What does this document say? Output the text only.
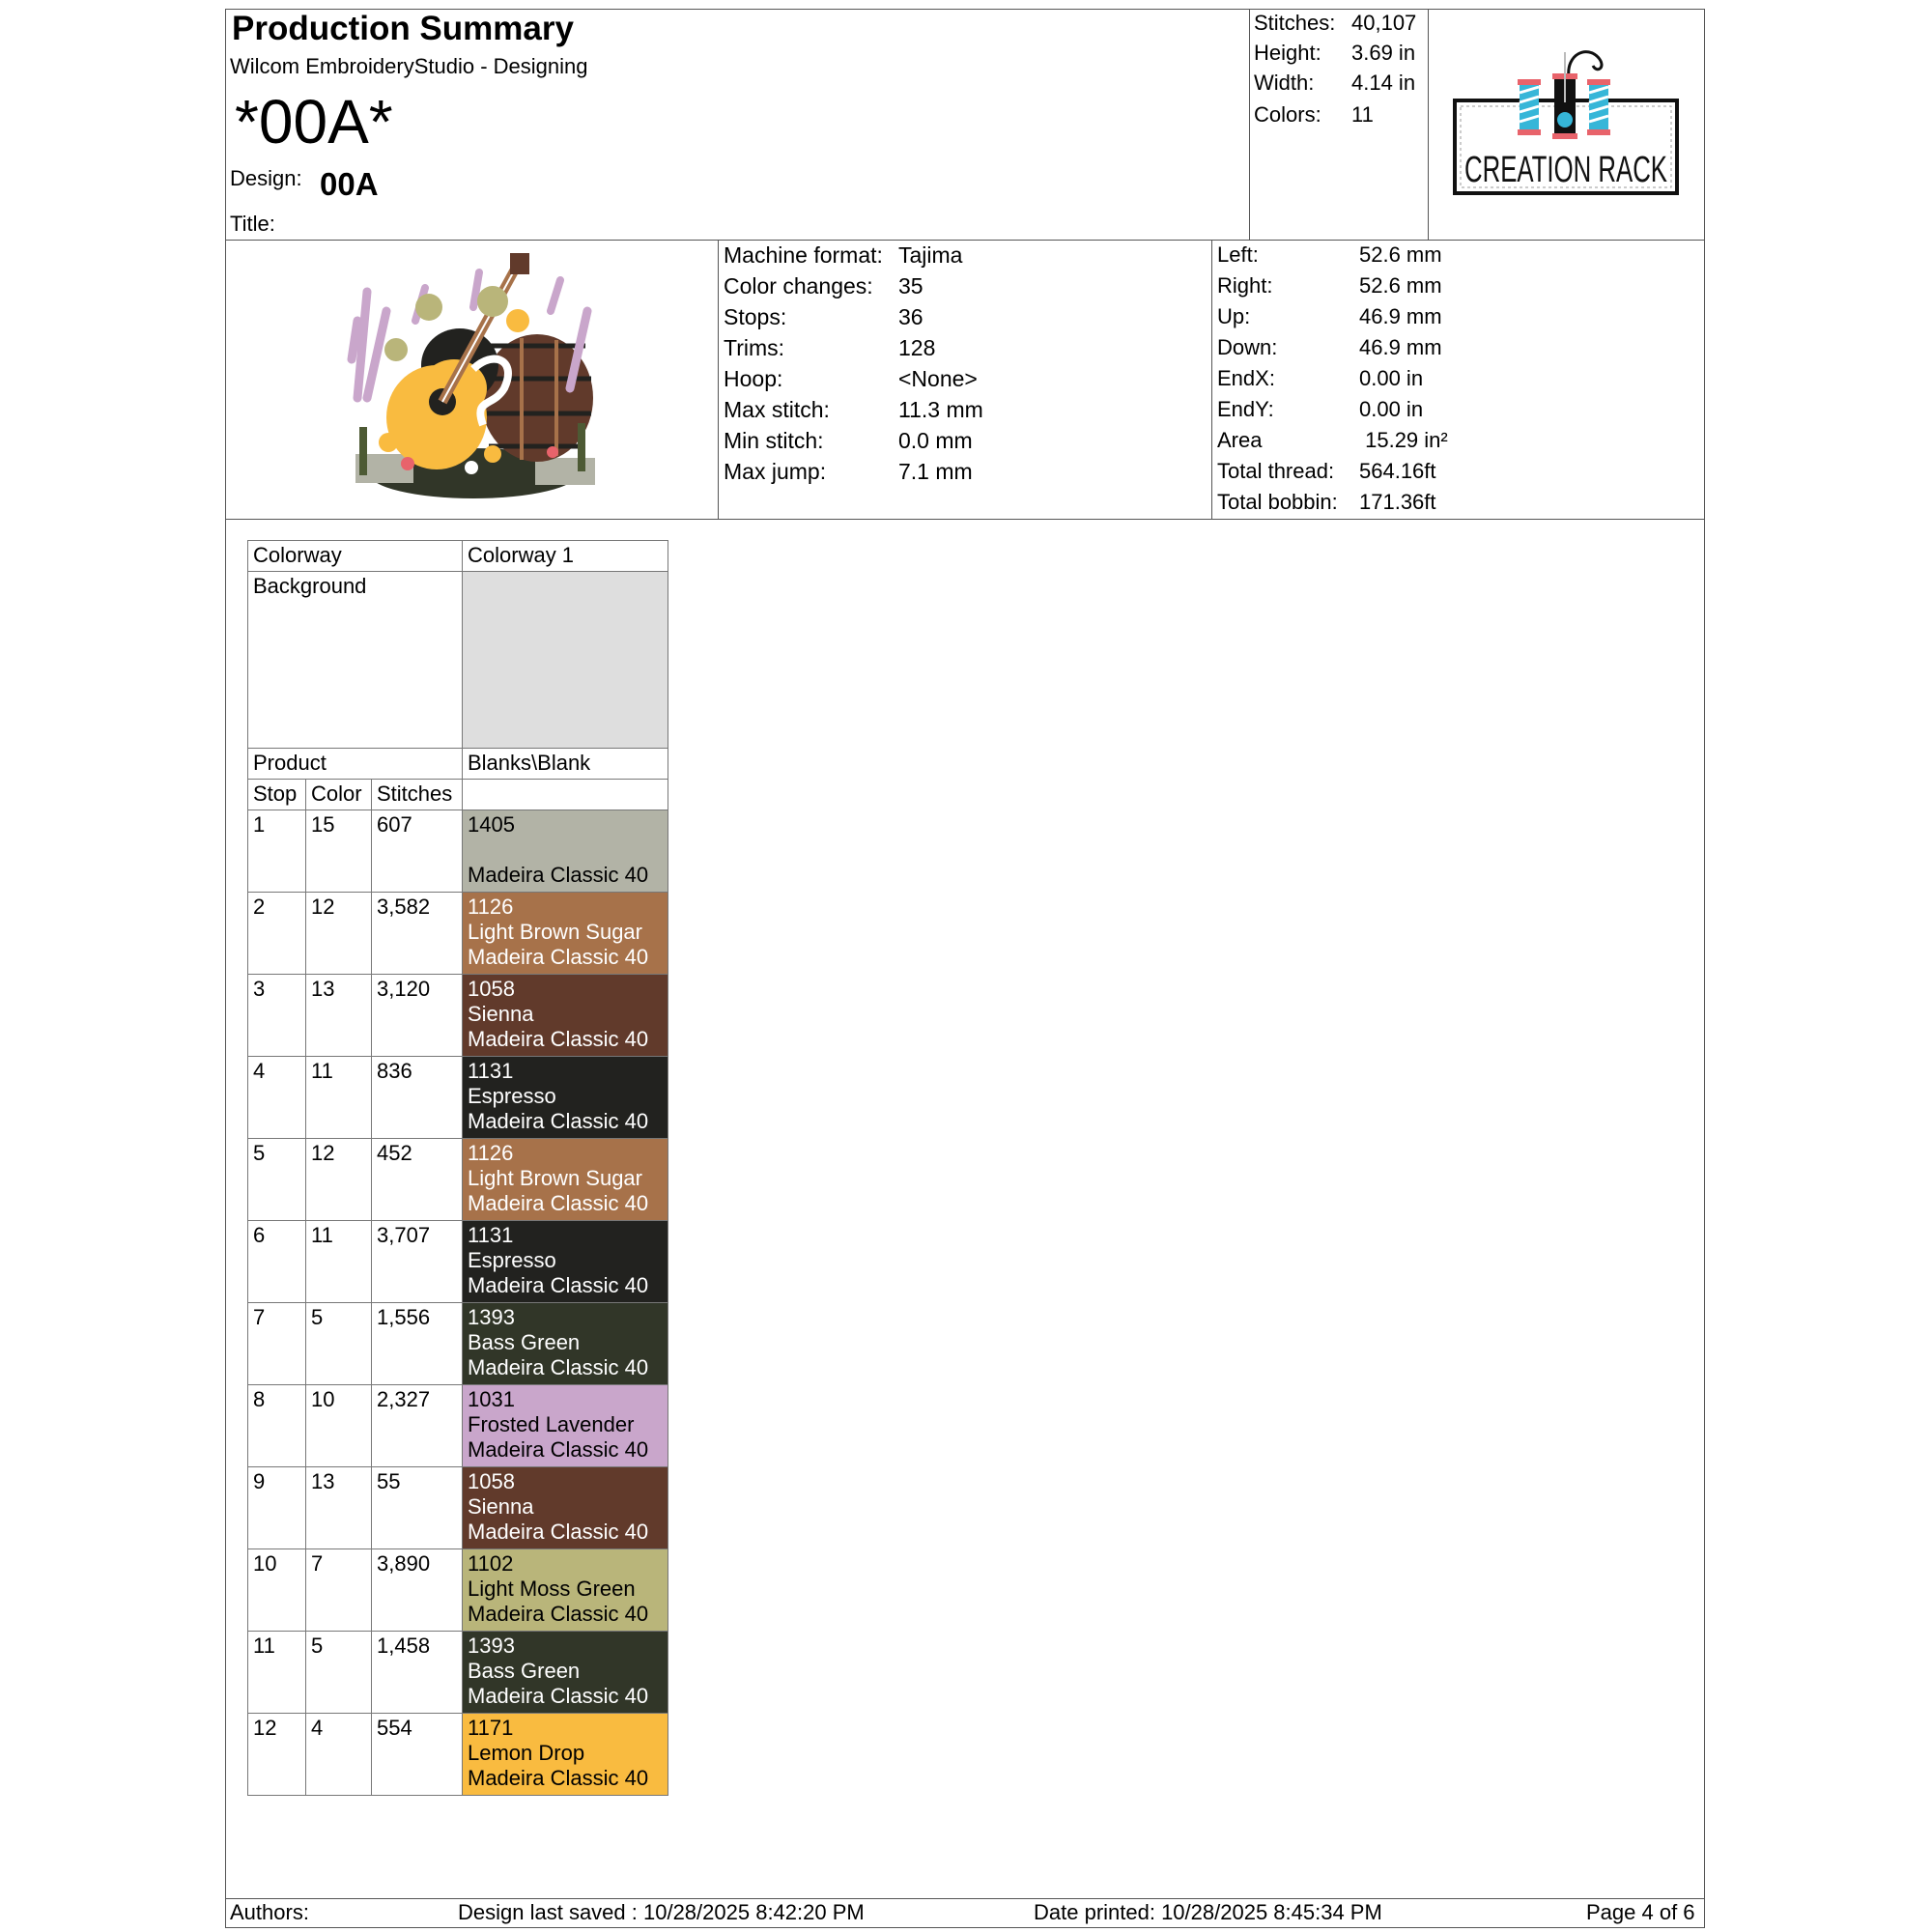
Production Summary
Wilcom EmbroideryStudio - Designing
*00A*
Design: 00A
Title:
Stitches: 40,107
Height: 3.69 in
Width: 4.14 in
Colors: 11
CREATION RACK
Machine format: Tajima
Color changes: 35
Stops:	36
Trims:	128
Hoop:	<None>
Max stitch:	11.3 mm
Min stitch:	0.0 mm
Max jump:	7.1 mm
Left:	52.6 mm
Right:	52.6 mm
Up:	46.9 mm
Down:	46.9 mm
EndX:	0.00 in
EndY:	0.00 in
Area	15.29 in²
Total thread: 564.16ft
Total bobbin: 171.36ft
Colorway			Colorway 1
Background			
Product			Blanks\Blank
Stop	Color	Stitches	
1	15	607	1405

Madeira Classic 40

2	12	3,582	1126
Light Brown Sugar
Madeira Classic 40

3	13	3,120	1058
Sienna
Madeira Classic 40

4	11	836	1131
Espresso
Madeira Classic 40

5	12	452	1126
Light Brown Sugar
Madeira Classic 40

6	11	3,707	1131
Espresso
Madeira Classic 40

7	5	1,556	1393
Bass Green
Madeira Classic 40

8	10	2,327	1031
Frosted Lavender
Madeira Classic 40

9	13	55	1058
Sienna
Madeira Classic 40

10	7	3,890	1102
Light Moss Green
Madeira Classic 40

11	5	1,458	1393
Bass Green
Madeira Classic 40

12	4	554	1171
Lemon Drop
Madeira Classic 40
Authors:	Design last saved : 10/28/2025 8:42:20 PM	Date printed: 10/28/2025 8:45:34 PM	Page 4 of 6
